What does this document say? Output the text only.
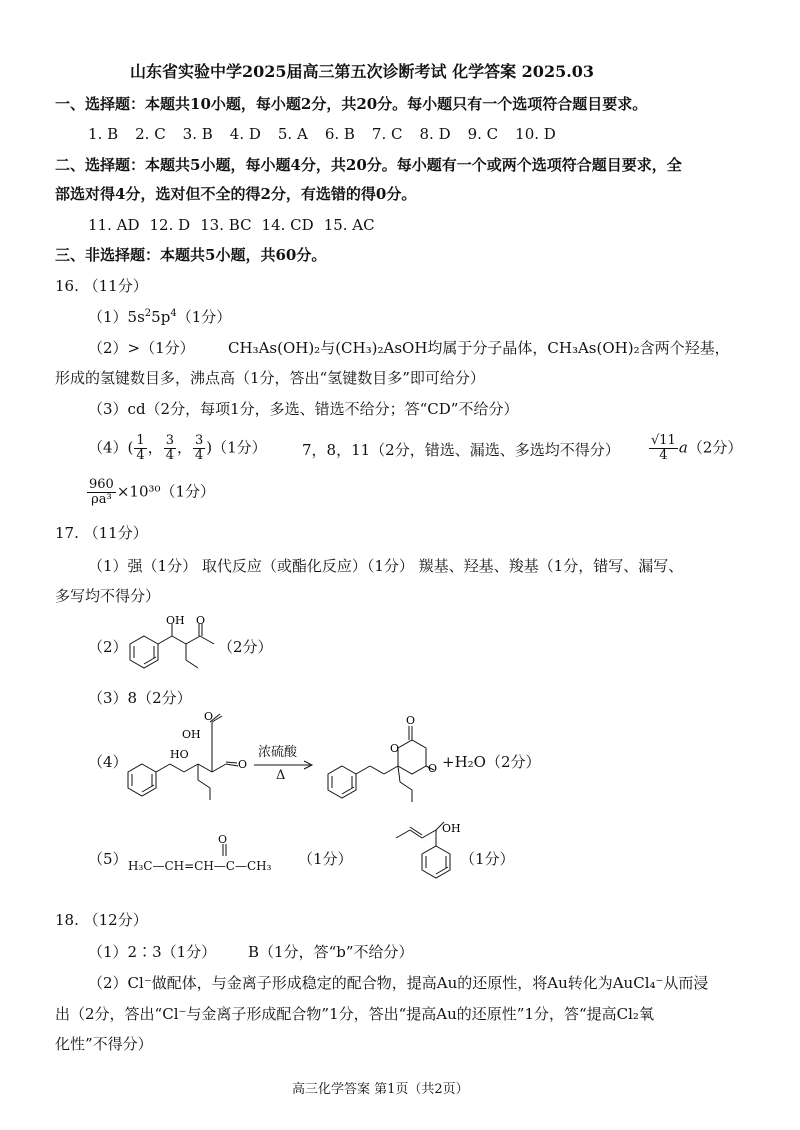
山东省实验中学2025届高三第五次诊断考试 化学答案 2025.03
一、选择题：本题共10小题，每小题2分，共20分。每小题只有一个选项符合题目要求。
1. B 2. C 3. B 4. D 5. A 6. B 7. C 8. D 9. C 10. D
二、选择题：本题共5小题，每小题4分，共20分。每小题有一个或两个选项符合题目要求，全
部选对得4分，选对但不全的得2分，有选错的得0分。
11. AD 12. D 13. BC 14. CD 15. AC
三、非选择题：本题共5小题，共60分。
16. （11分）
$(1)5s^25p^4(1$分）
（2）>（1分） CH₃As(OH)₂与(CH₃)₂AsOH均属于分子晶体，CH₃As(OH)₂含两个羟基，
形成的氢键数目多，沸点高（1分，答出“氢键数目多”即可给分）
（3）cd（2分，每项1分，多选、错选不给分；答“CD”不给分）
$(4)( \frac{1}{4}$ ， $\frac{3}{4}$ ， $\frac{3}{4} )(1$分） 7，8，11（2分，错选、漏选、多选均不得分） $\frac{√11}{4} a(2$分）
$\frac{960}{\text{ρa³}} \times 10^{30}(1$分）
17. （11分）
（1）强（1分） 取代反应（或酯化反应）（1分） 羰基、羟基、羧基（1分，错写、漏写、
多写均不得分）
（2）
OH O
（2分）
（3）8（2分）
（4）
O
OH
HO
O
浓硫酸
Δ
O
O
O +H₂O（2分）
（5）
O
H₃C—CH=CH—C—CH₃ （1分）
OH
（1分）
18. （12分）
（1）2∶3（1分） B（1分，答“b”不给分）
（2）Cl⁻做配体，与金离子形成稳定的配合物，提高Au的还原性，将Au转化为AuCl₄⁻从而浸
出（2分，答出“Cl⁻与金离子形成配合物”1分，答出“提高Au的还原性”1分，答“提高Cl₂氧
化性”不得分）
高三化学答案 第1页（共2页）
